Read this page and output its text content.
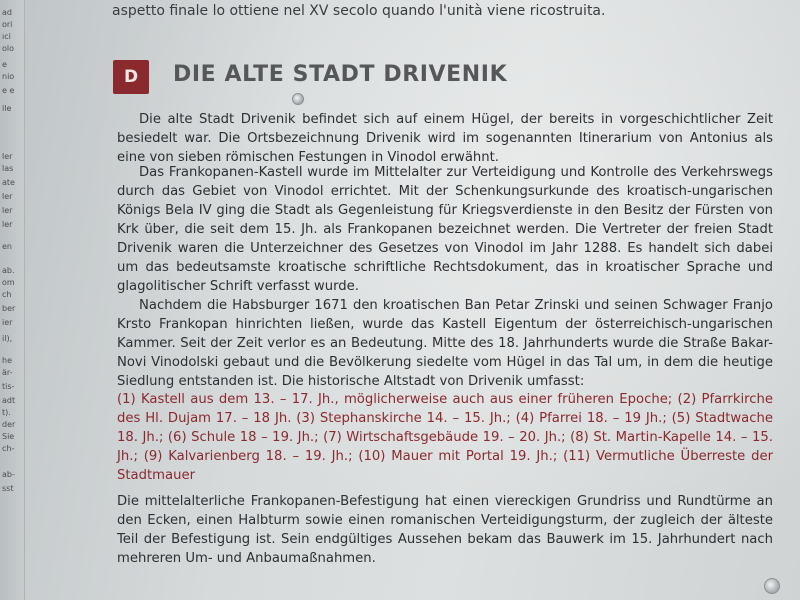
ad
ori
ıci
olo
e
nio
e e
lle
ler
las
ate
ler
ler
ler
en
ab.
om
ch
ber
ier
il),
he
är-
tis-
adt
t).
der
Sie
ch-
ab-
sst
aspetto finale lo ottiene nel XV secolo quando l'unità viene ricostruita.
D	DIE ALTE STADT DRIVENIK

Die alte Stadt Drivenik befindet sich auf einem Hügel, der bereits in vorgeschichtlicher Zeit besiedelt war. Die Ortsbezeichnung Drivenik wird im sogenannten Itinerarium von Antonius als eine von sieben römischen Festungen in Vinodol erwähnt.

Das Frankopanen-Kastell wurde im Mittelalter zur Verteidigung und Kontrolle des Verkehrswegs durch das Gebiet von Vinodol errichtet. Mit der Schenkungsurkunde des kroatisch-ungarischen Königs Bela IV ging die Stadt als Gegenleistung für Kriegsverdienste in den Besitz der Fürsten von Krk über, die seit dem 15. Jh. als Frankopanen bezeichnet werden. Die Vertreter der freien Stadt Drivenik waren die Unterzeichner des Gesetzes von Vinodol im Jahr 1288. Es handelt sich dabei um das bedeutsamste kroatische schriftliche Rechtsdokument, das in kroatischer Sprache und glagolitischer Schrift verfasst wurde.

Nachdem die Habsburger 1671 den kroatischen Ban Petar Zrinski und seinen Schwager Franjo Krsto Frankopan hinrichten ließen, wurde das Kastell Eigentum der österreichisch-ungarischen Kammer. Seit der Zeit verlor es an Bedeutung. Mitte des 18. Jahrhunderts wurde die Straße Bakar-Novi Vinodolski gebaut und die Bevölkerung siedelte vom Hügel in das Tal um, in dem die heutige Siedlung entstanden ist. Die historische Altstadt von Drivenik umfasst:

(1) Kastell aus dem 13. – 17. Jh., möglicherweise auch aus einer früheren Epoche; (2) Pfarrkirche des Hl. Dujam 17. – 18 Jh. (3) Stephanskirche 14. – 15. Jh.; (4) Pfarrei 18. – 19 Jh.; (5) Stadtwache 18. Jh.; (6) Schule 18 – 19. Jh.; (7) Wirtschaftsgebäude 19. – 20. Jh.; (8) St. Martin-Kapelle 14. – 15. Jh.; (9) Kalvarienberg 18. – 19. Jh.; (10) Mauer mit Portal 19. Jh.; (11) Vermutliche Überreste der Stadtmauer

Die mittelalterliche Frankopanen-Befestigung hat einen viereckigen Grundriss und Rundtürme an den Ecken, einen Halbturm sowie einen romanischen Verteidigungsturm, der zugleich der älteste Teil der Befestigung ist. Sein endgültiges Aussehen bekam das Bauwerk im 15. Jahrhundert nach mehreren Um- und Anbaumaßnahmen.
